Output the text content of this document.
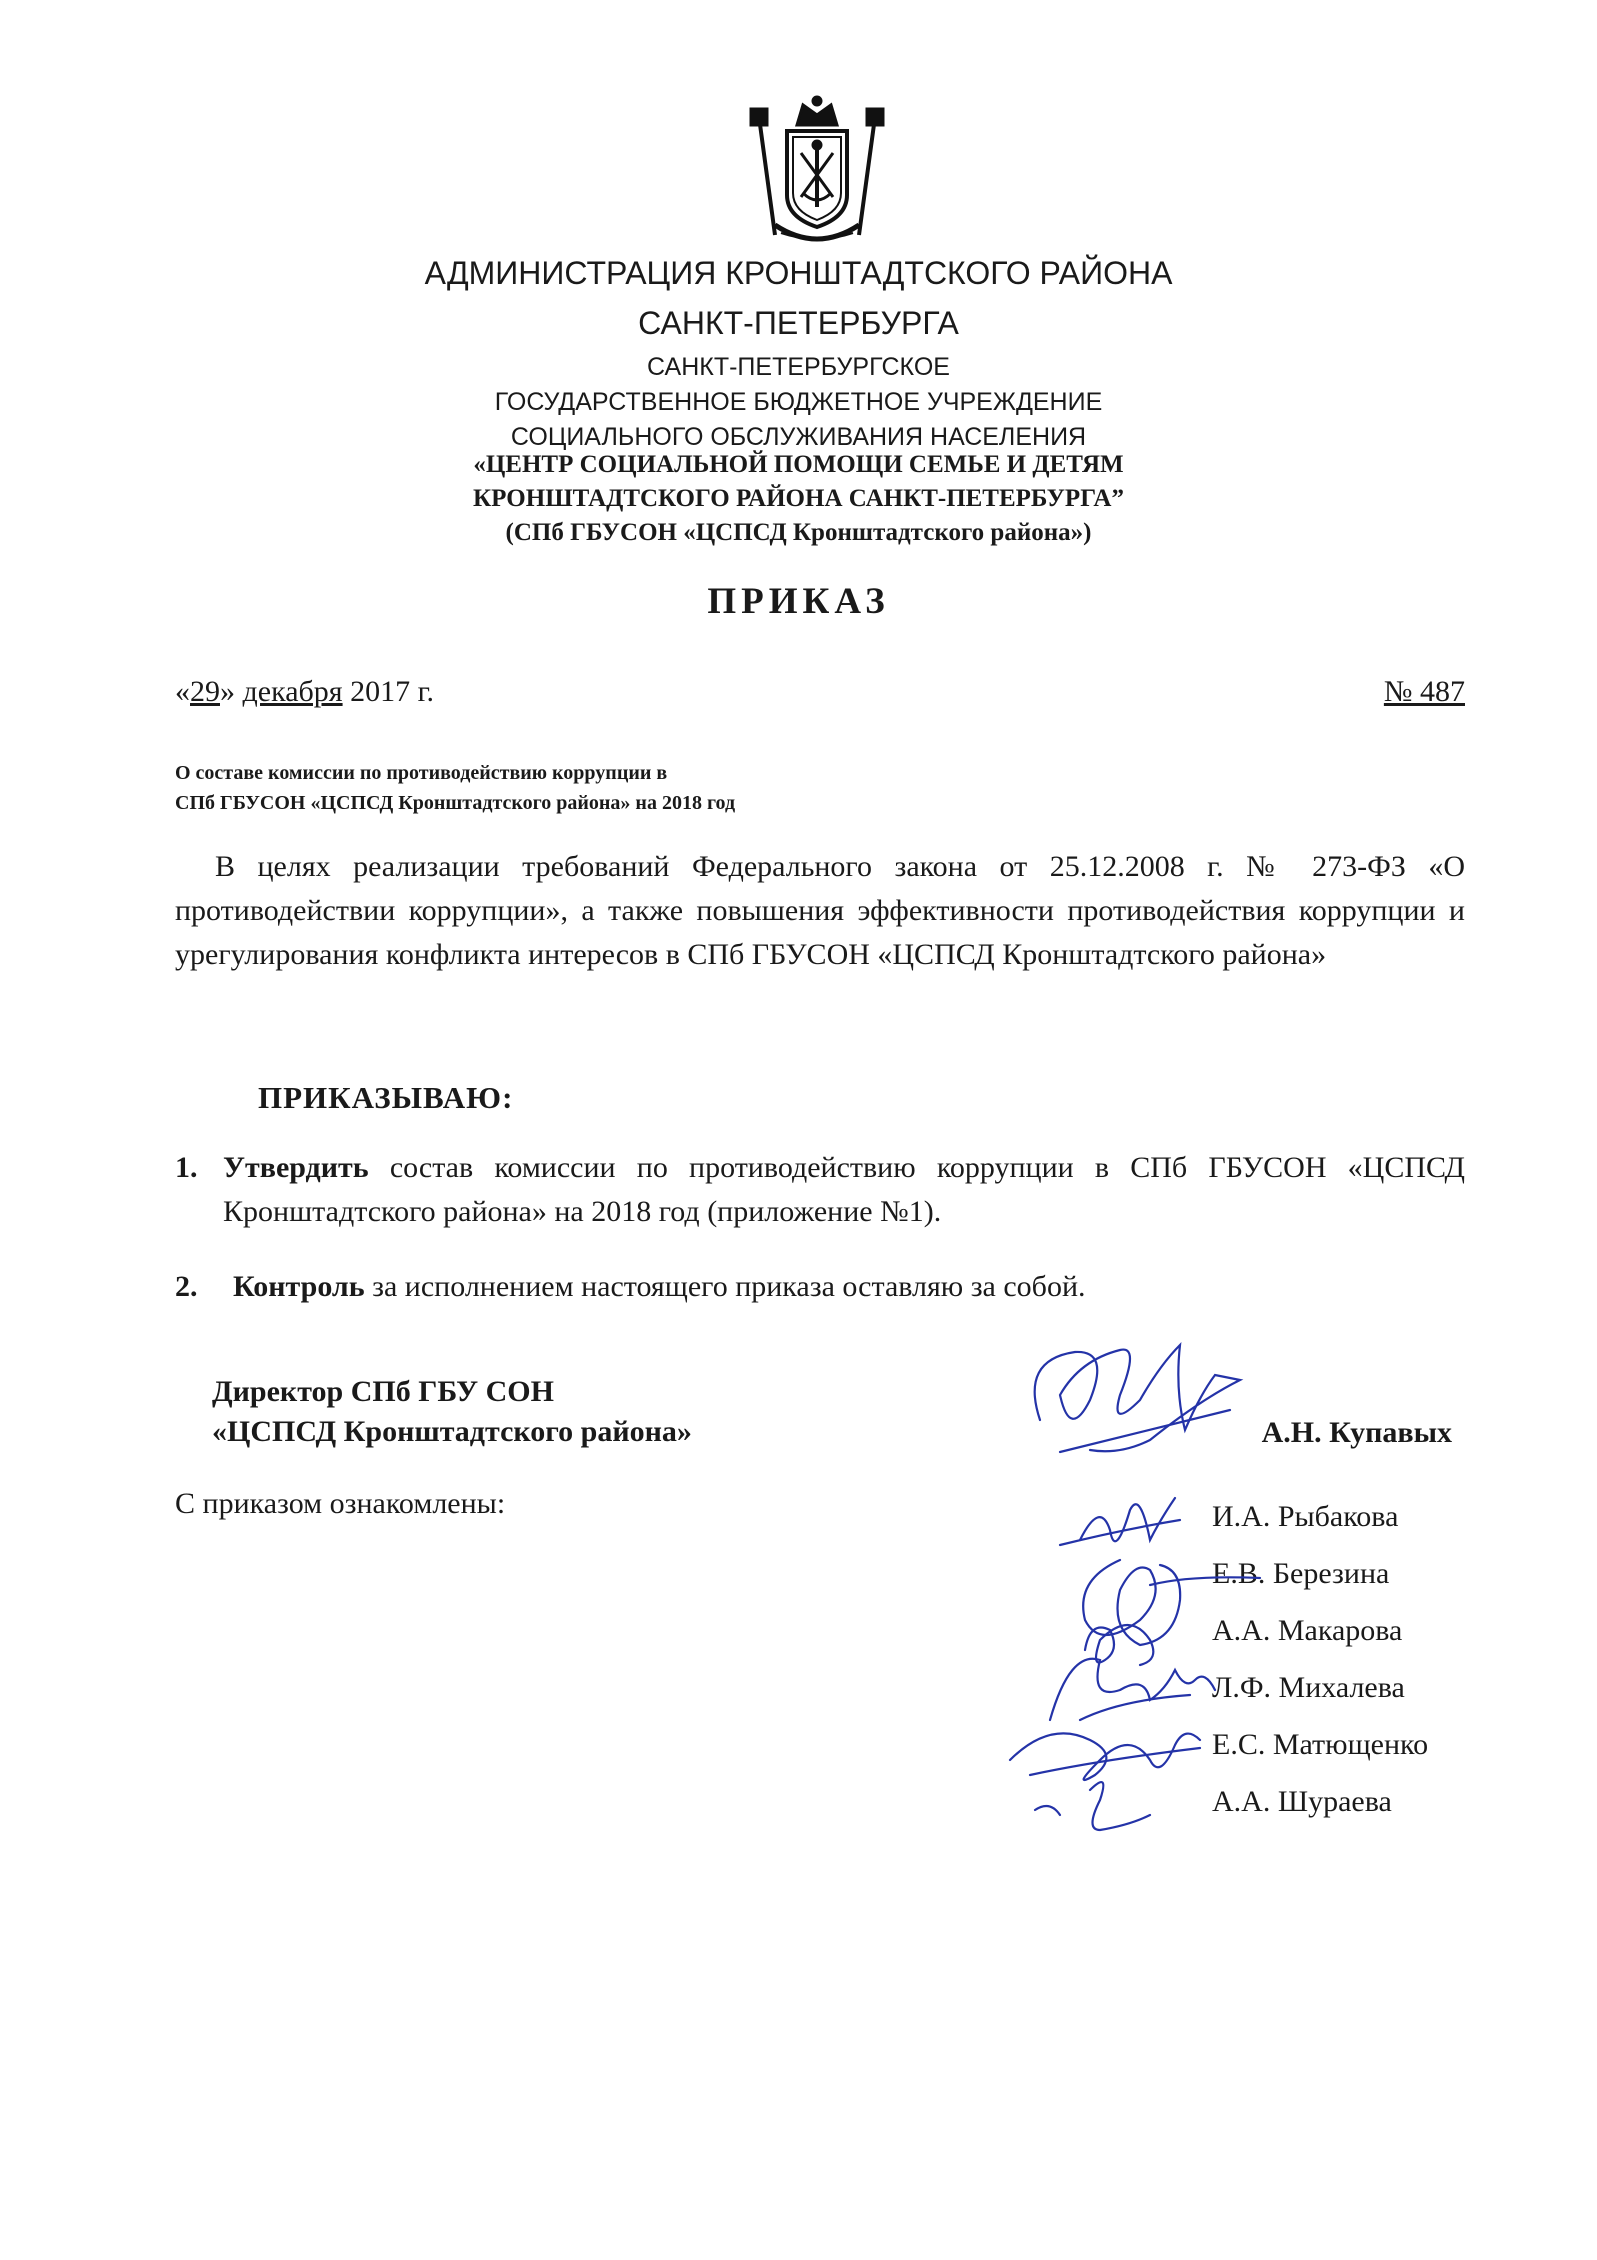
АДМИНИСТРАЦИЯ КРОНШТАДТСКОГО РАЙОНА
САНКТ-ПЕТЕРБУРГА
САНКТ-ПЕТЕРБУРГСКОЕ
ГОСУДАРСТВЕННОЕ БЮДЖЕТНОЕ УЧРЕЖДЕНИЕ
СОЦИАЛЬНОГО ОБСЛУЖИВАНИЯ НАСЕЛЕНИЯ
«ЦЕНТР СОЦИАЛЬНОЙ ПОМОЩИ СЕМЬЕ И ДЕТЯМ
КРОНШТАДТСКОГО РАЙОНА САНКТ-ПЕТЕРБУРГА”
(СПб ГБУСОН «ЦСПСД Кронштадтского района»)
ПРИКАЗ
«29» декабря 2017 г.	№ 487
О составе комиссии по противодействию коррупции в
СПб ГБУСОН «ЦСПСД Кронштадтского района» на 2018 год
В целях реализации требований Федерального закона от 25.12.2008 г. № 273-ФЗ «О противодействии коррупции», а также повышения эффективности противодействия коррупции и урегулирования конфликта интересов в СПб ГБУСОН «ЦСПСД Кронштадтского района»
ПРИКАЗЫВАЮ:
1. Утвердить состав комиссии по противодействию коррупции в СПб ГБУСОН «ЦСПСД Кронштадтского района» на 2018 год (приложение №1).
2. Контроль за исполнением настоящего приказа оставляю за собой.
Директор СПб ГБУ СОН
«ЦСПСД Кронштадтского района»	А.Н. Купавых
С приказом ознакомлены:	И.А. Рыбакова
Е.В. Березина
А.А. Макарова
Л.Ф. Михалева
Е.С. Матющенко
А.А. Шураева
